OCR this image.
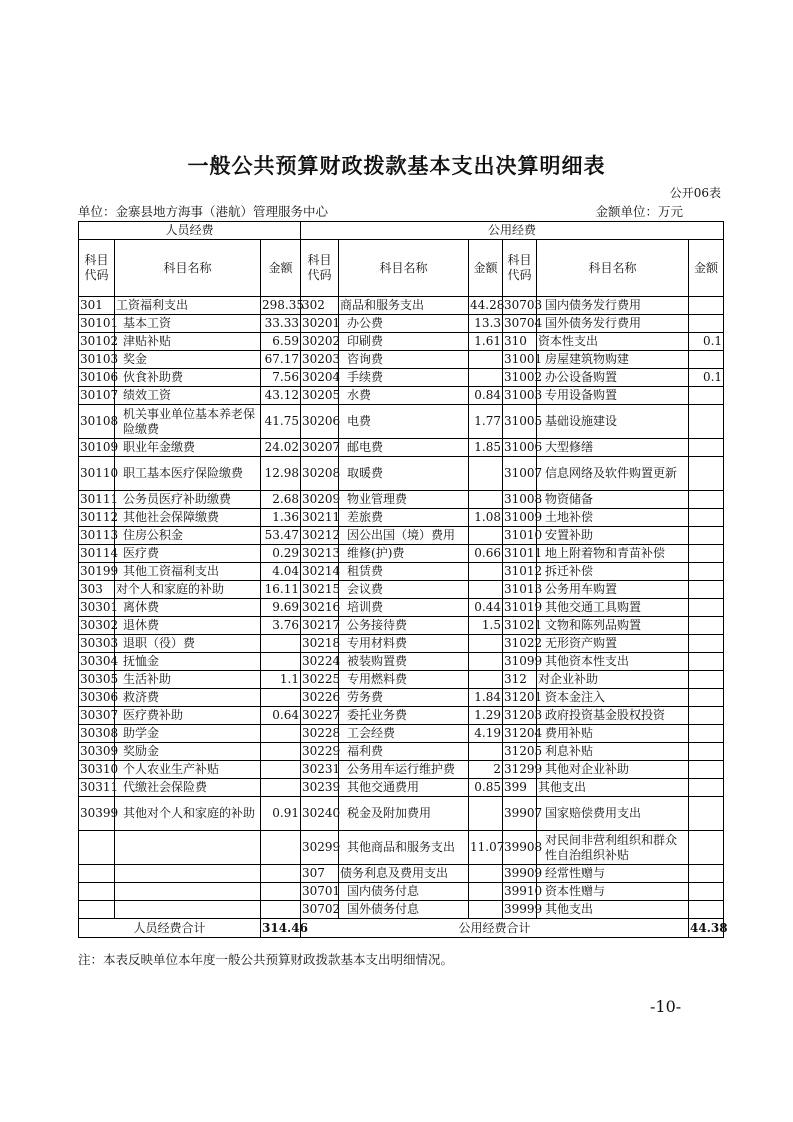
一般公共预算财政拨款基本支出决算明细表
公开06表
单位：金寨县地方海事（港航）管理服务中心	金额单位：万元
人员经费			公用经费					
科目代码	科目名称	金额	科目代码	科目名称	金额	科目代码	科目名称	金额
301	工资福利支出	298.35	302	商品和服务支出	44.28	30703	国内债务发行费用	
30101	基本工资	33.33	30201	办公费	13.3	30704	国外债务发行费用	
30102	津贴补贴	6.59	30202	印刷费	1.61	310	资本性支出	0.1
30103	奖金	67.17	30203	咨询费		31001	房屋建筑物购建	
30106	伙食补助费	7.56	30204	手续费		31002	办公设备购置	0.1
30107	绩效工资	43.12	30205	水费	0.84	31003	专用设备购置	
30108	机关事业单位基本养老保险缴费	41.75	30206	电费	1.77	31005	基础设施建设	
30109	职业年金缴费	24.02	30207	邮电费	1.85	31006	大型修缮	
30110	职工基本医疗保险缴费	12.98	30208	取暖费		31007	信息网络及软件购置更新	
30111	公务员医疗补助缴费	2.68	30209	物业管理费		31008	物资储备	
30112	其他社会保障缴费	1.36	30211	差旅费	1.08	31009	土地补偿	
30113	住房公积金	53.47	30212	因公出国（境）费用		31010	安置补助	
30114	医疗费	0.29	30213	维修(护)费	0.66	31011	地上附着物和青苗补偿	
30199	其他工资福利支出	4.04	30214	租赁费		31012	拆迁补偿	
303	对个人和家庭的补助	16.11	30215	会议费		31013	公务用车购置	
30301	离休费	9.69	30216	培训费	0.44	31019	其他交通工具购置	
30302	退休费	3.76	30217	公务接待费	1.5	31021	文物和陈列品购置	
30303	退职（役）费		30218	专用材料费		31022	无形资产购置	
30304	抚恤金		30224	被装购置费		31099	其他资本性支出	
30305	生活补助	1.1	30225	专用燃料费		312	对企业补助	
30306	救济费		30226	劳务费	1.84	31201	资本金注入	
30307	医疗费补助	0.64	30227	委托业务费	1.29	31203	政府投资基金股权投资	
30308	助学金		30228	工会经费	4.19	31204	费用补贴	
30309	奖励金		30229	福利费		31205	利息补贴	
30310	个人农业生产补贴		30231	公务用车运行维护费	2	31299	其他对企业补助	
30311	代缴社会保险费		30239	其他交通费用	0.85	399	其他支出	
30399	其他对个人和家庭的补助	0.91	30240	税金及附加费用		39907	国家赔偿费用支出	
			30299	其他商品和服务支出	11.07	39908	对民间非营利组织和群众性自治组织补贴	
			307	债务利息及费用支出		39909	经常性赠与	
			30701	国内债务付息		39910	资本性赠与	
			30702	国外债务付息		39999	其他支出	
人员经费合计		314.46	公用经费合计					44.38
注：本表反映单位本年度一般公共预算财政拨款基本支出明细情况。
-10-
